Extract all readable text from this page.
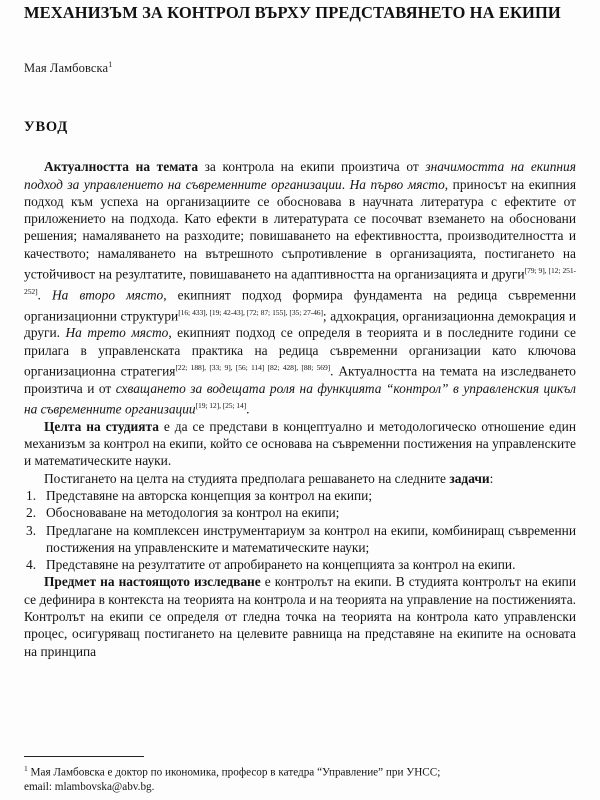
МЕХАНИЗЪМ ЗА КОНТРОЛ ВЪРХУ ПРЕДСТАВЯНЕТО НА ЕКИПИ
Мая Ламбовска$^1$
УВОД

Актуалността на темата за контрола на екипи произтича от значимостта на екипния подход за управлението на съвременните организации. На първо място, приносът на екипния подход към успеха на организациите се обосновава в научната литература с ефектите от приложението на подхода. Като ефекти в литературата се посочват вземането на обосновани решения; намаляването на разходите; повишаването на ефективността, производителността и качеството; намаляването на вътрешното съпротивление в организацията, постигането на устойчивост на резултатите, повишаването на адаптивността на организацията и други[79; 9], [12; 251-252]. На второ място, екипният подход формира фундамента на редица съвременни организационни структури[16; 433], [19; 42-43], [72; 87; 155], [35; 27-46]; адхокрация, организационна демокрация и други. На трето място, екипният подход се определя в теорията и в последните години се прилага в управленската практика на редица съвременни организации като ключова организационна стратегия[22; 188], [33; 9], [56; 114] [82; 428], [88; 569]. Актуалността на темата на изследването произтича и от схващането за водещата роля на функцията “контрол” в управленския цикъл на съвременните организации[19; 12], [25; 14].

Целта на студията е да се представи в концептуално и методологическо отношение един механизъм за контрол на екипи, който се основава на съвременни постижения на управленските и математическите науки.

Постигането на целта на студията предполага решаването на следните задачи:

Представяне на авторска концепция за контрол на екипи;
Обосноваване на методология за контрол на екипи;
Предлагане на комплексен инструментариум за контрол на екипи, комбиниращ съвременни постижения на управленските и математическите науки;
Представяне на резултатите от апробирането на концепцията за контрол на екипи.

Предмет на настоящото изследване е контролът на екипи. В студията контролът на екипи се дефинира в контекста на теорията на контрола и на теорията на управление на постиженията. Контролът на екипи се определя от гледна точка на теорията на контрола като управленски процес, осигуряващ постигането на целевите равнища на представяне на екипите на основата на принципа

$^1$ Мая Ламбовска е доктор по икономика, професор в катедра “Управление” при УНСС;
email: mlambovska@abv.bg.
